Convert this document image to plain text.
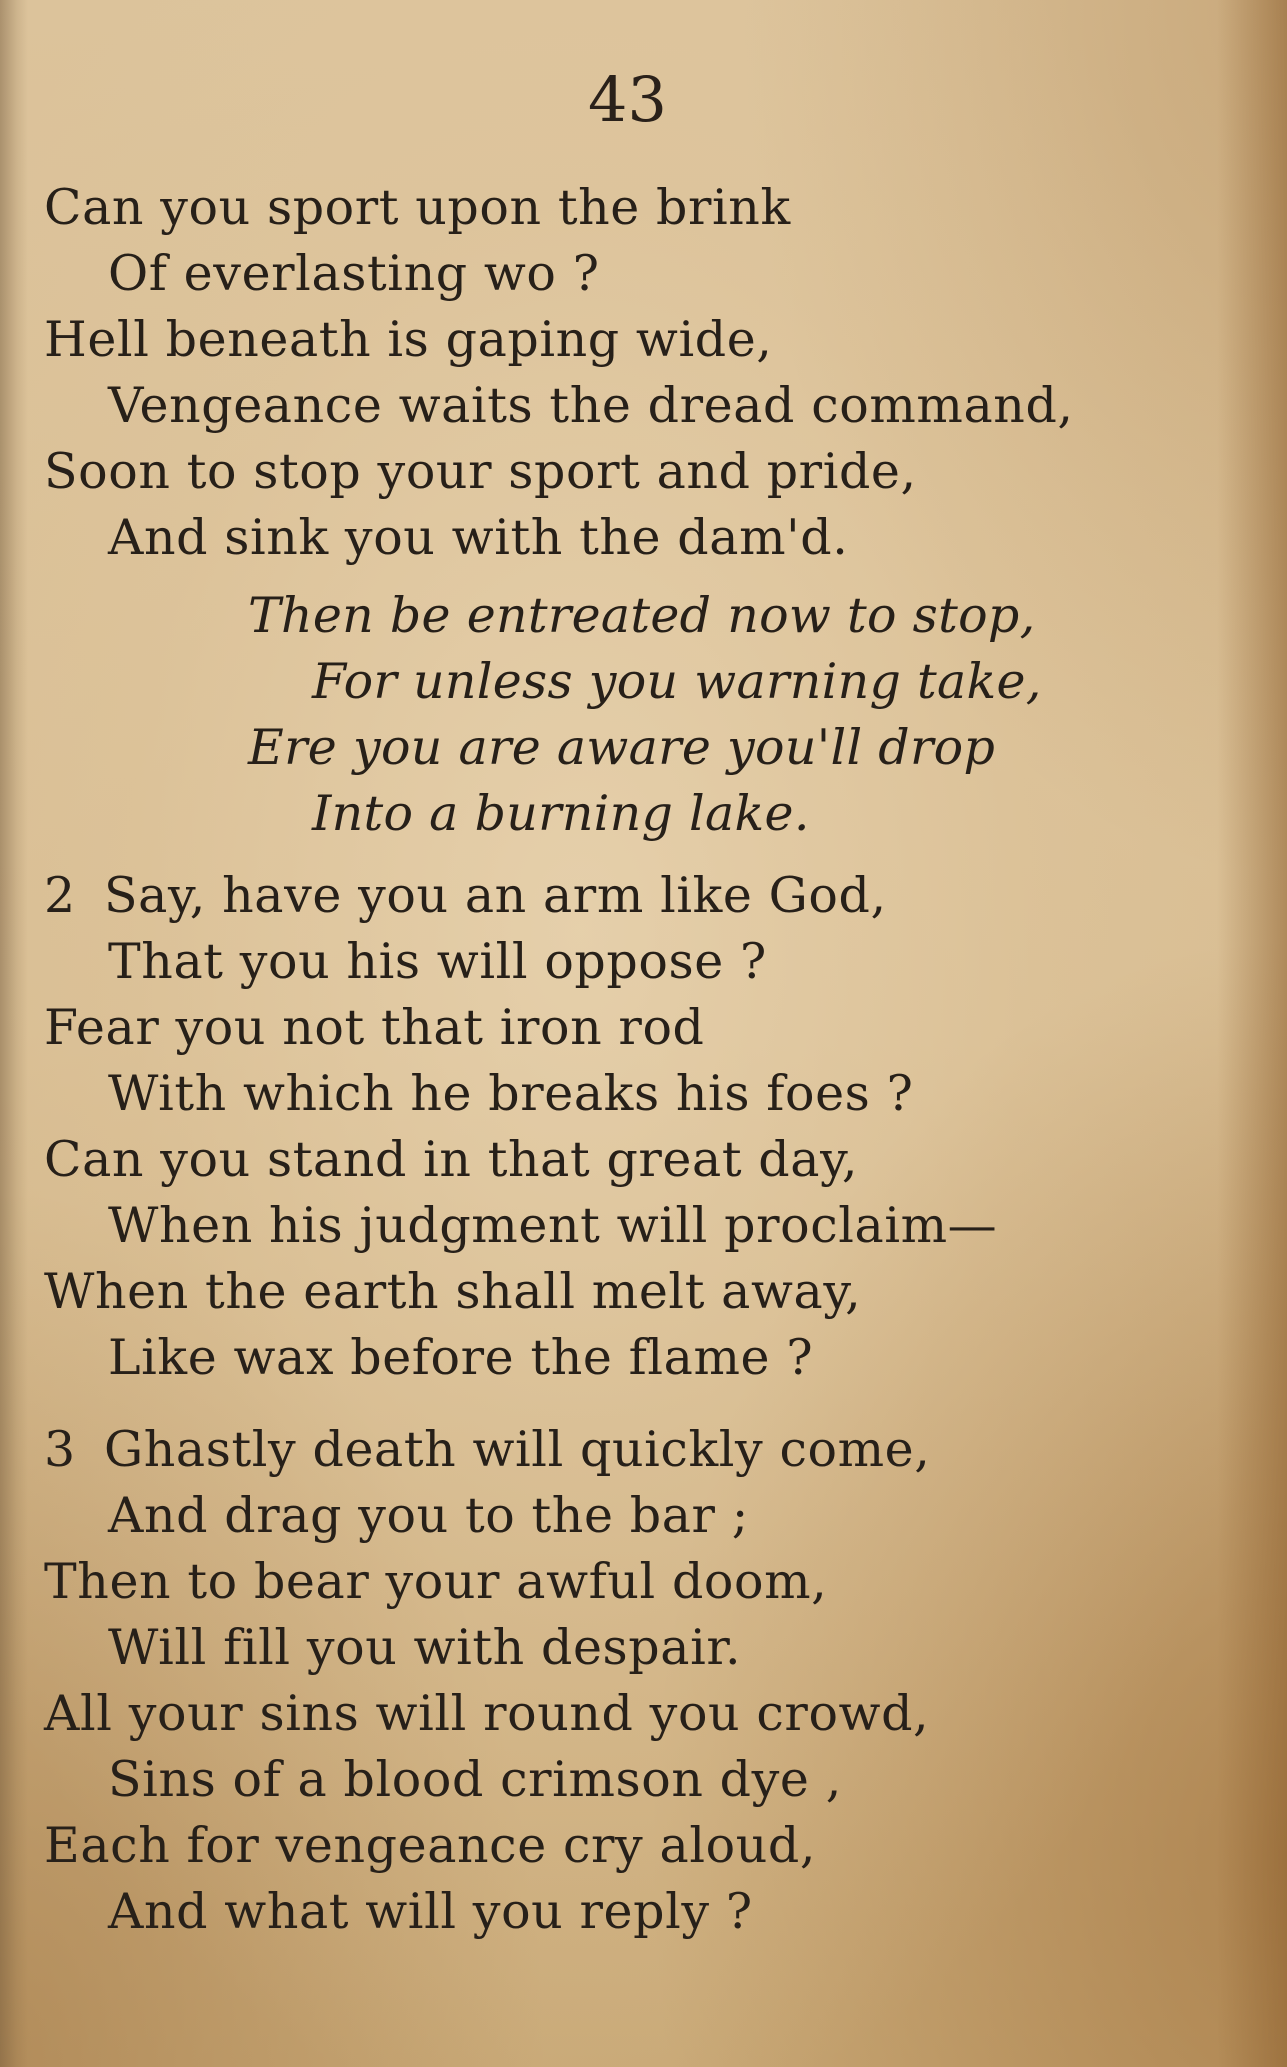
43
Can you sport upon the brink
Of everlasting wo ?
Hell beneath is gaping wide,
Vengeance waits the dread command,
Soon to stop your sport and pride,
And sink you with the dam'd.
Then be entreated now to stop,
For unless you warning take,
Ere you are aware you'll drop
Into a burning lake.
2 Say, have you an arm like God,
That you his will oppose ?
Fear you not that iron rod
With which he breaks his foes ?
Can you stand in that great day,
When his judgment will proclaim—
When the earth shall melt away,
Like wax before the flame ?
3 Ghastly death will quickly come,
And drag you to the bar ;
Then to bear your awful doom,
Will fill you with despair.
All your sins will round you crowd,
Sins of a blood crimson dye ,
Each for vengeance cry aloud,
And what will you reply ?
